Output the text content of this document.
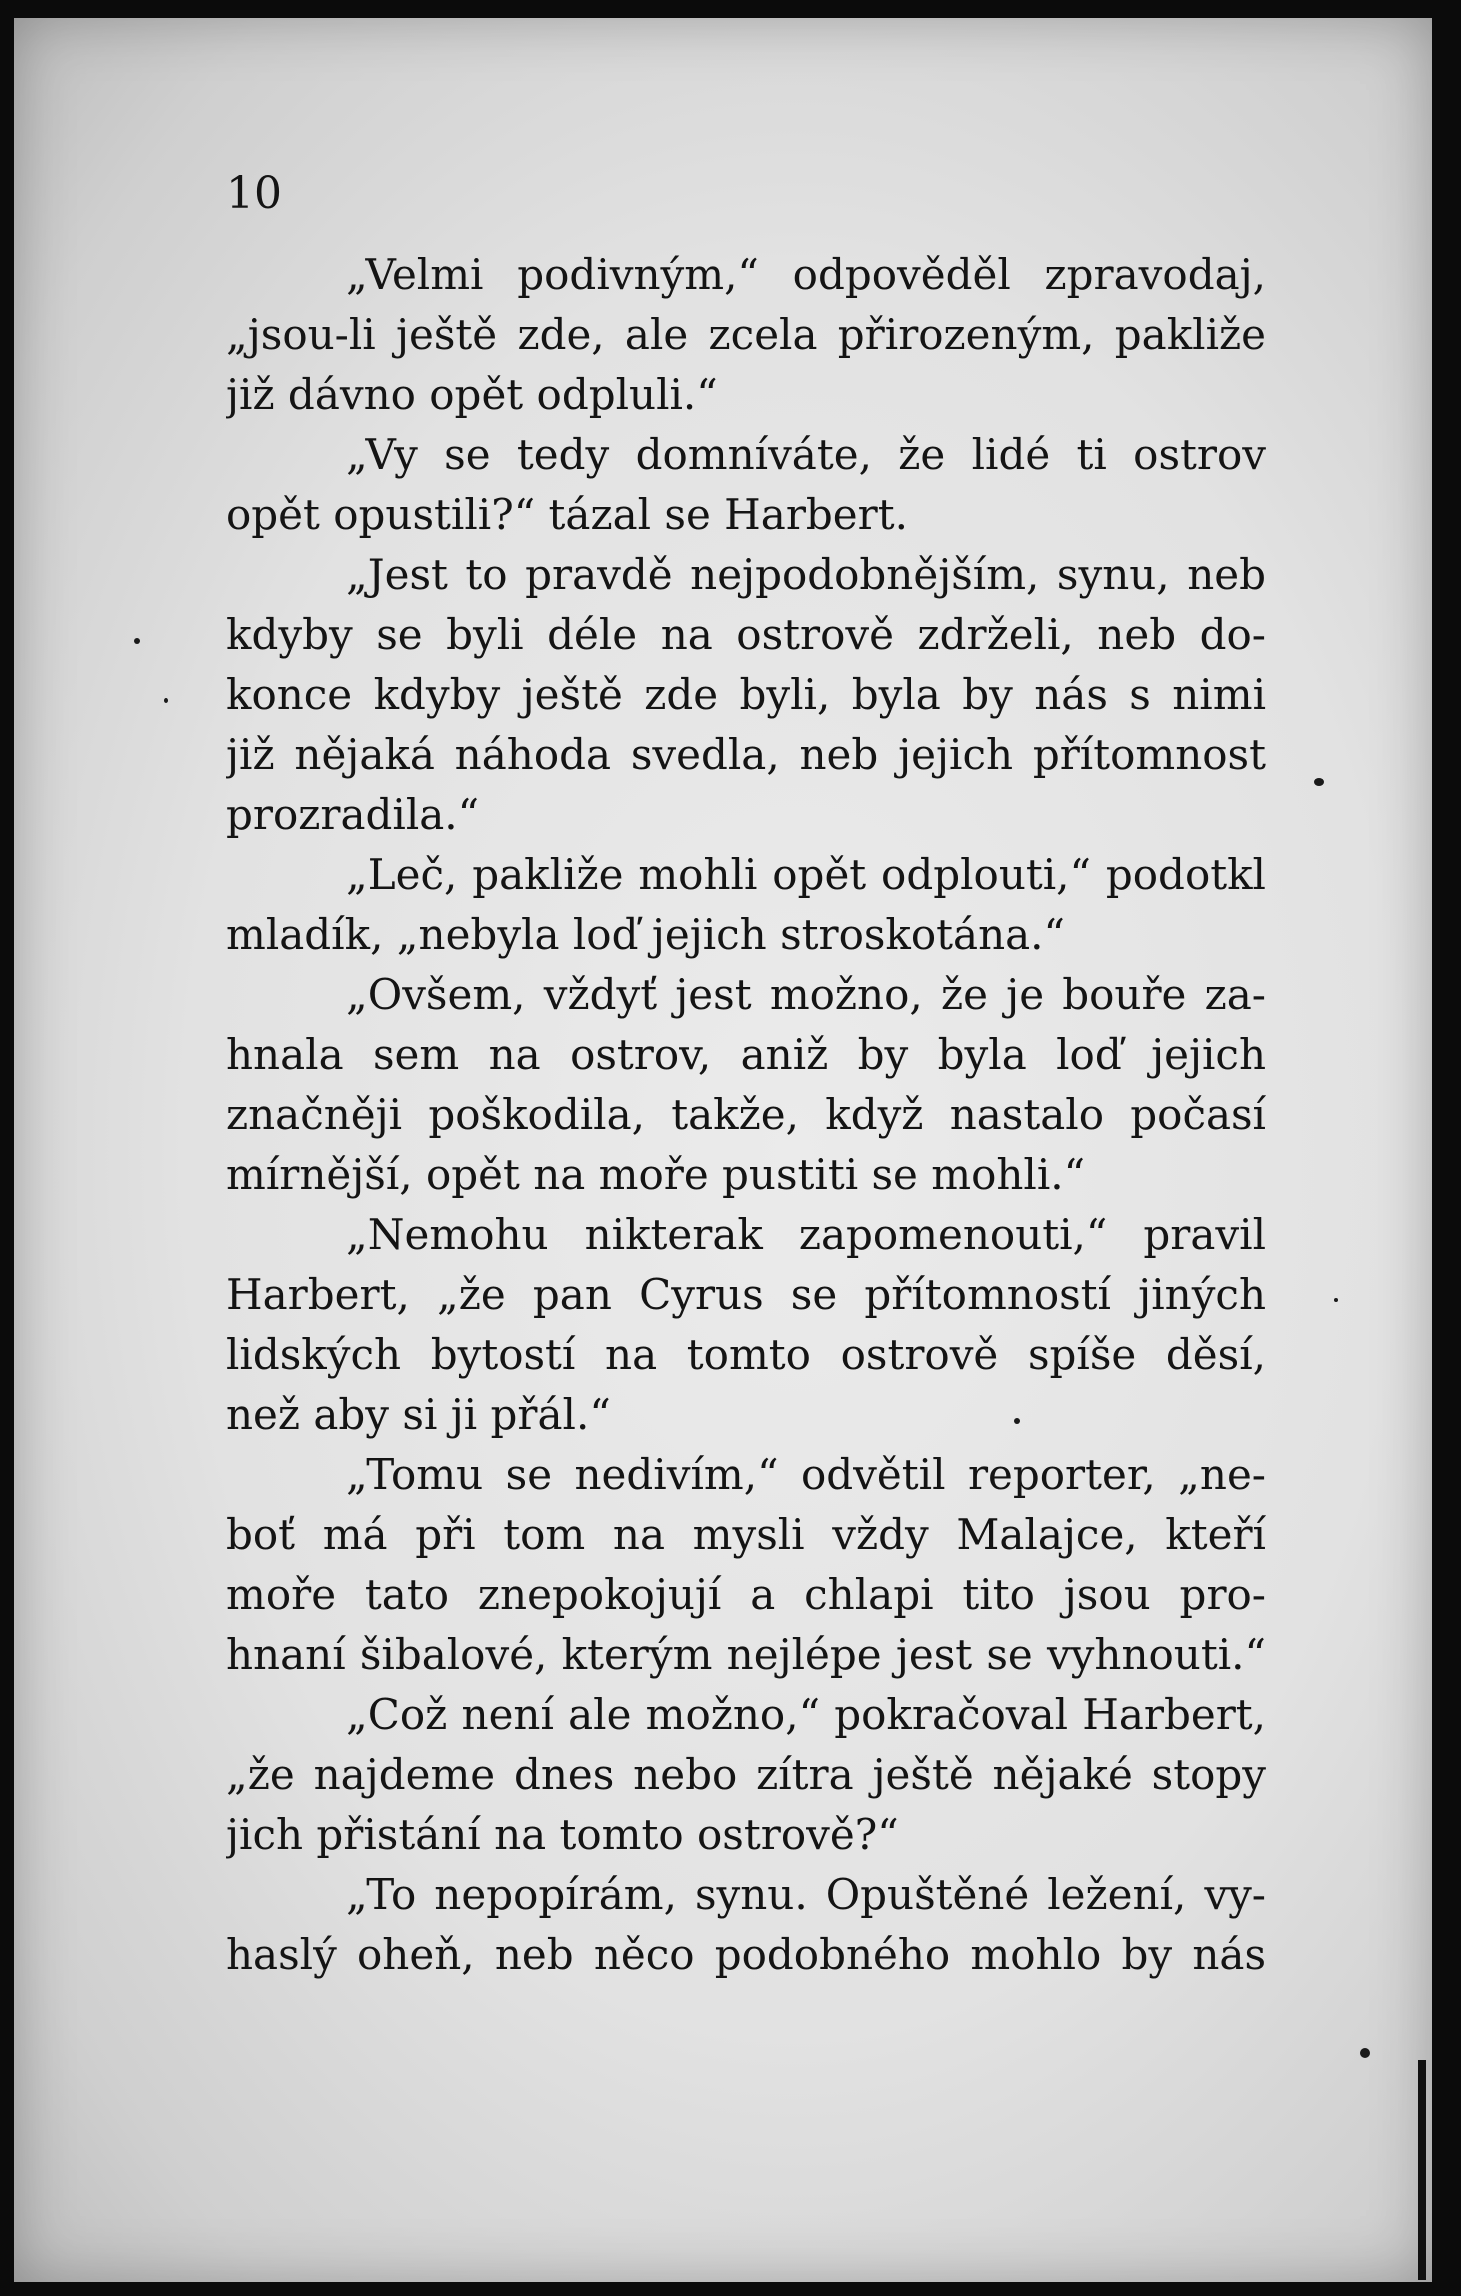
10

„Velmi podivným,“ odpověděl zpravodaj,
„jsou-li ještě zde, ale zcela přirozeným, pakliže
již dávno opět odpluli.“
„Vy se tedy domníváte, že lidé ti ostrov
opět opustili?“ tázal se Harbert.
„Jest to pravdě nejpodobnějším, synu, neb
kdyby se byli déle na ostrově zdrželi, neb do-
konce kdyby ještě zde byli, byla by nás s nimi
již nějaká náhoda svedla, neb jejich přítomnost
prozradila.“
„Leč, pakliže mohli opět odplouti,“ podotkl
mladík, „nebyla loď jejich stroskotána.“
„Ovšem, vždyť jest možno, že je bouře za-
hnala sem na ostrov, aniž by byla loď jejich
značněji poškodila, takže, když nastalo počasí
mírnější, opět na moře pustiti se mohli.“
„Nemohu nikterak zapomenouti,“ pravil
Harbert, „že pan Cyrus se přítomností jiných
lidských bytostí na tomto ostrově spíše děsí,
než aby si ji přál.“
„Tomu se nedivím,“ odvětil reporter, „ne-
boť má při tom na mysli vždy Malajce, kteří
moře tato znepokojují a chlapi tito jsou pro-
hnaní šibalové, kterým nejlépe jest se vyhnouti.“
„Což není ale možno,“ pokračoval Harbert,
„že najdeme dnes nebo zítra ještě nějaké stopy
jich přistání na tomto ostrově?“
„To nepopírám, synu. Opuštěné ležení, vy-
haslý oheň, neb něco podobného mohlo by nás
